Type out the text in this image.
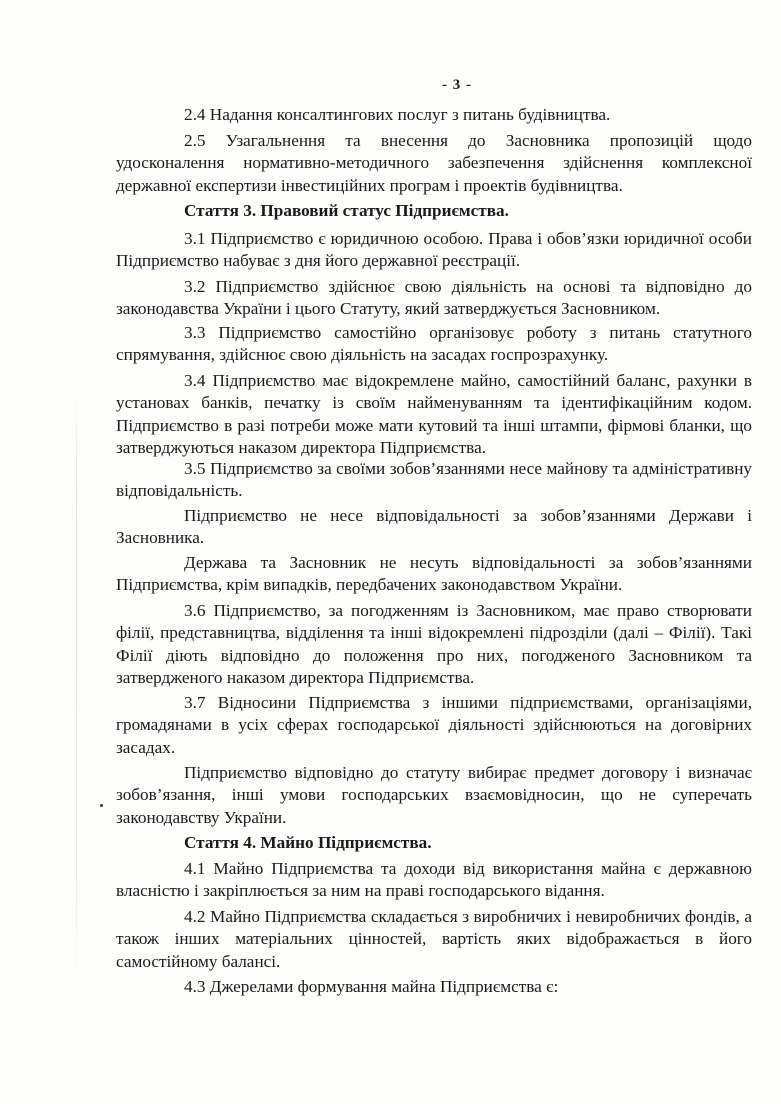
- 3 -

2.4 Надання консалтингових послуг з питань будівництва.

2.5 Узагальнення та внесення до Засновника пропозицій щодо удосконалення нормативно-методичного забезпечення здійснення комплексної державної експертизи інвестиційних програм і проектів будівництва.

Стаття 3. Правовий статус Підприємства.

3.1 Підприємство є юридичною особою. Права і обов’язки юридичної особи Підприємство набуває з дня його державної реєстрації.

3.2 Підприємство здійснює свою діяльність на основі та відповідно до законодавства України і цього Статуту, який затверджується Засновником.

3.3 Підприємство самостійно організовує роботу з питань статутного спрямування, здійснює свою діяльність на засадах госпрозрахунку.

3.4 Підприємство має відокремлене майно, самостійний баланс, рахунки в установах банків, печатку із своїм найменуванням та ідентифікаційним кодом. Підприємство в разі потреби може мати кутовий та інші штампи, фірмові бланки, що затверджуються наказом директора Підприємства.

3.5 Підприємство за своїми зобов’язаннями несе майнову та адміністративну відповідальність.

Підприємство не несе відповідальності за зобов’язаннями Держави і Засновника.

Держава та Засновник не несуть відповідальності за зобов’язаннями Підприємства, крім випадків, передбачених законодавством України.

3.6 Підприємство, за погодженням із Засновником, має право створювати філії, представництва, відділення та інші відокремлені підрозділи (далі – Філії). Такі Філії діють відповідно до положення про них, погодженого Засновником та затвердженого наказом директора Підприємства.

3.7 Відносини Підприємства з іншими підприємствами, організаціями, громадянами в усіх сферах господарської діяльності здійснюються на договірних засадах.

Підприємство відповідно до статуту вибирає предмет договору і визначає зобов’язання, інші умови господарських взаємовідносин, що не суперечать законодавству України.

Стаття 4. Майно Підприємства.

4.1 Майно Підприємства та доходи від використання майна є державною власністю і закріплюється за ним на праві господарського відання.

4.2 Майно Підприємства складається з виробничих і невиробничих фондів, а також інших матеріальних цінностей, вартість яких відображається в його самостійному балансі.

4.3 Джерелами формування майна Підприємства є:
